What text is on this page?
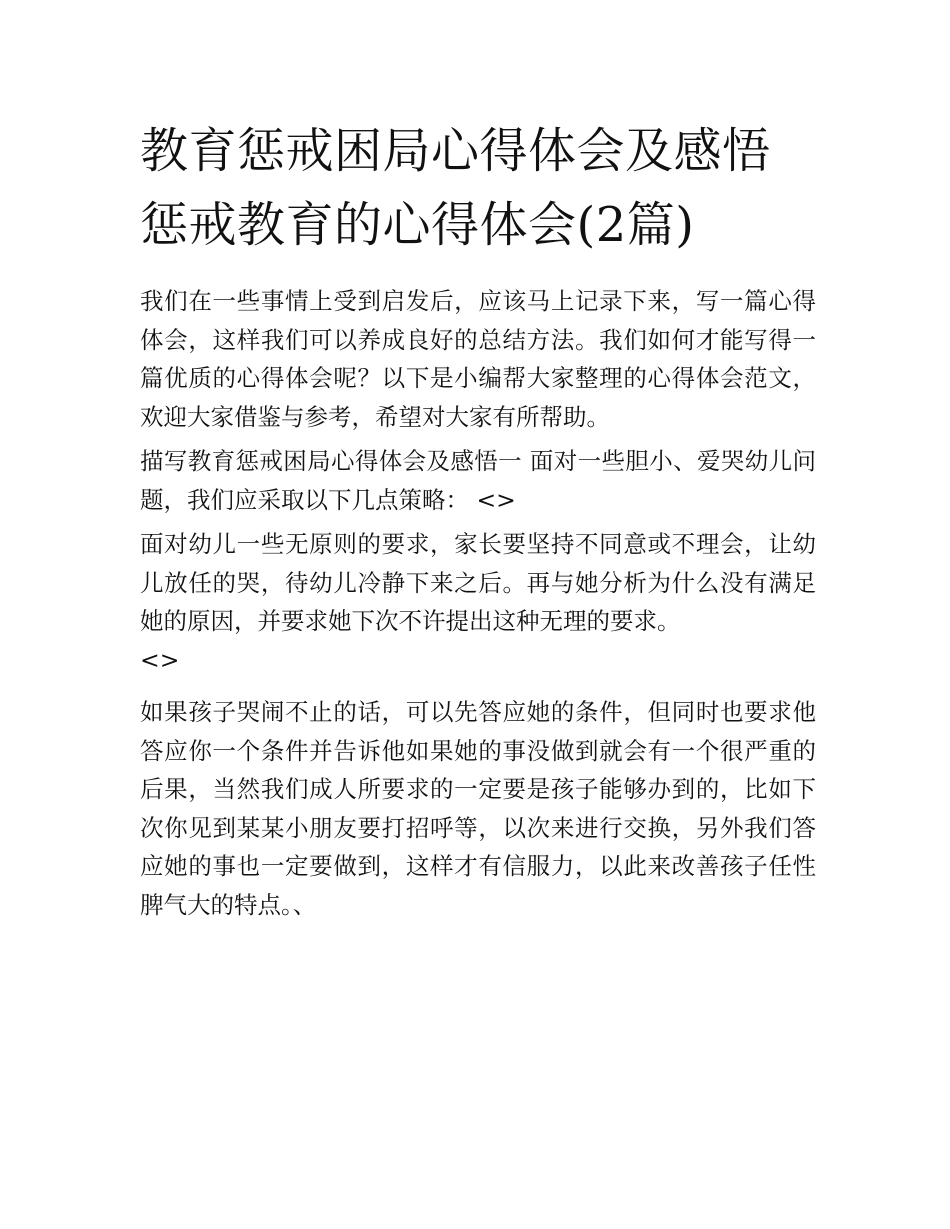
教育惩戒困局心得体会及感悟
惩戒教育的心得体会(2篇)

我们在一些事情上受到启发后，应该马上记录下来，写一篇心得体会，这样我们可以养成良好的总结方法。我们如何才能写得一篇优质的心得体会呢？以下是小编帮大家整理的心得体会范文，欢迎大家借鉴与参考，希望对大家有所帮助。

描写教育惩戒困局心得体会及感悟一 面对一些胆小、爱哭幼儿问题，我们应采取以下几点策略： <>

面对幼儿一些无原则的要求，家长要坚持不同意或不理会，让幼儿放任的哭，待幼儿冷静下来之后。再与她分析为什么没有满足她的原因，并要求她下次不许提出这种无理的要求。

<>

如果孩子哭闹不止的话，可以先答应她的条件，但同时也要求他答应你一个条件并告诉他如果她的事没做到就会有一个很严重的后果，当然我们成人所要求的一定要是孩子能够办到的，比如下次你见到某某小朋友要打招呼等，以次来进行交换，另外我们答应她的事也一定要做到，这样才有信服力，以此来改善孩子任性脾气大的特点。、
